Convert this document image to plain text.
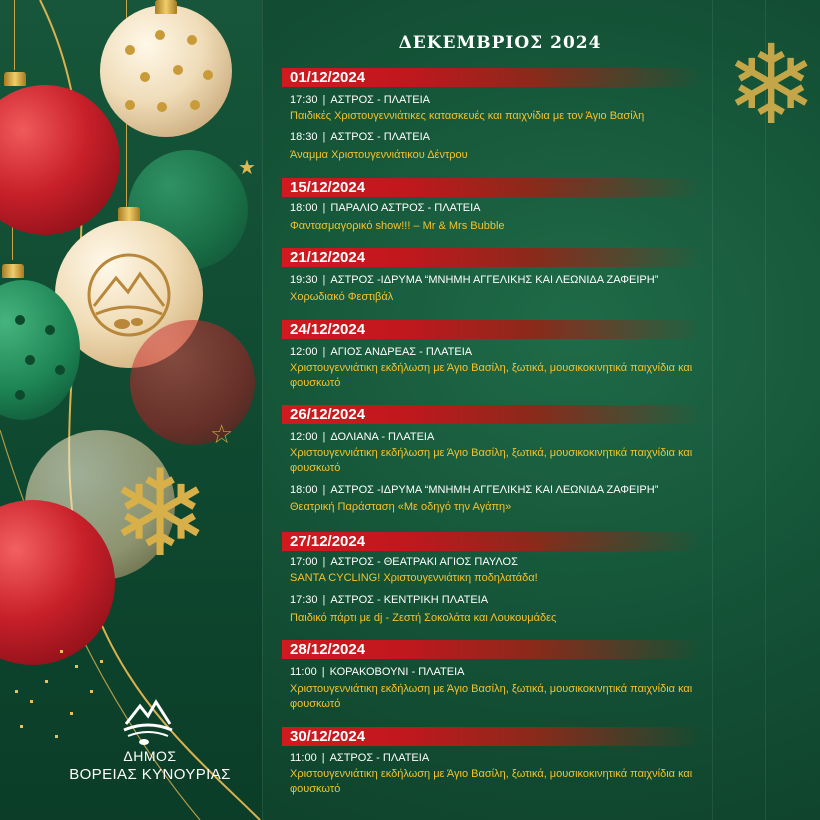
❄
★
☆
ΔΗΜΟΣ
ΒΟΡΕΙΑΣ ΚΥΝΟΥΡΙΑΣ
❄
ΔΕΚΕΜΒΡΙΟΣ 2024
01/12/2024
17:30 | ΑΣΤΡΟΣ - ΠΛΑΤΕΙΑ
Παιδικές Χριστουγεννιάτικες κατασκευές και παιχνίδια με τον Άγιο Βασίλη
18:30 | ΑΣΤΡΟΣ - ΠΛΑΤΕΙΑ
Άναμμα Χριστουγεννιάτικου Δέντρου
15/12/2024
18:00 | ΠΑΡΑΛΙΟ ΑΣΤΡΟΣ - ΠΛΑΤΕΙΑ
Φαντασμαγορικό show!!! – Mr & Mrs Bubble
21/12/2024
19:30 | ΑΣΤΡΟΣ -ΙΔΡΥΜΑ “ΜΝΗΜΗ ΑΓΓΕΛΙΚΗΣ ΚΑΙ ΛΕΩΝΙΔΑ ΖΑΦΕΙΡΗ”
Χορωδιακό Φεστιβάλ
24/12/2024
12:00 | ΑΓΙΟΣ ΑΝΔΡΕΑΣ - ΠΛΑΤΕΙΑ
Χριστουγεννιάτικη εκδήλωση με Άγιο Βασίλη, ξωτικά, μουσικοκινητικά παιχνίδια και φουσκωτό
26/12/2024
12:00 | ΔΟΛΙΑΝΑ - ΠΛΑΤΕΙΑ
Χριστουγεννιάτικη εκδήλωση με Άγιο Βασίλη, ξωτικά, μουσικοκινητικά παιχνίδια και φουσκωτό
18:00 | ΑΣΤΡΟΣ -ΙΔΡΥΜΑ “ΜΝΗΜΗ ΑΓΓΕΛΙΚΗΣ ΚΑΙ ΛΕΩΝΙΔΑ ΖΑΦΕΙΡΗ”
Θεατρική Παράσταση «Με οδηγό την Αγάπη»
27/12/2024
17:00 | ΑΣΤΡΟΣ - ΘΕΑΤΡΑΚΙ ΑΓΙΟΣ ΠΑΥΛΟΣ
SANTA CYCLING! Χριστουγεννιάτικη ποδηλατάδα!
17:30 | ΑΣΤΡΟΣ - ΚΕΝΤΡΙΚΗ ΠΛΑΤΕΙΑ
Παιδικό πάρτι με dj - Ζεστή Σοκολάτα και Λουκουμάδες
28/12/2024
11:00 | ΚΟΡΑΚΟΒΟΥΝΙ - ΠΛΑΤΕΙΑ
Χριστουγεννιάτικη εκδήλωση με Άγιο Βασίλη, ξωτικά, μουσικοκινητικά παιχνίδια και φουσκωτό
30/12/2024
11:00 | ΑΣΤΡΟΣ - ΠΛΑΤΕΙΑ
Χριστουγεννιάτικη εκδήλωση με Άγιο Βασίλη, ξωτικά, μουσικοκινητικά παιχνίδια και φουσκωτό
